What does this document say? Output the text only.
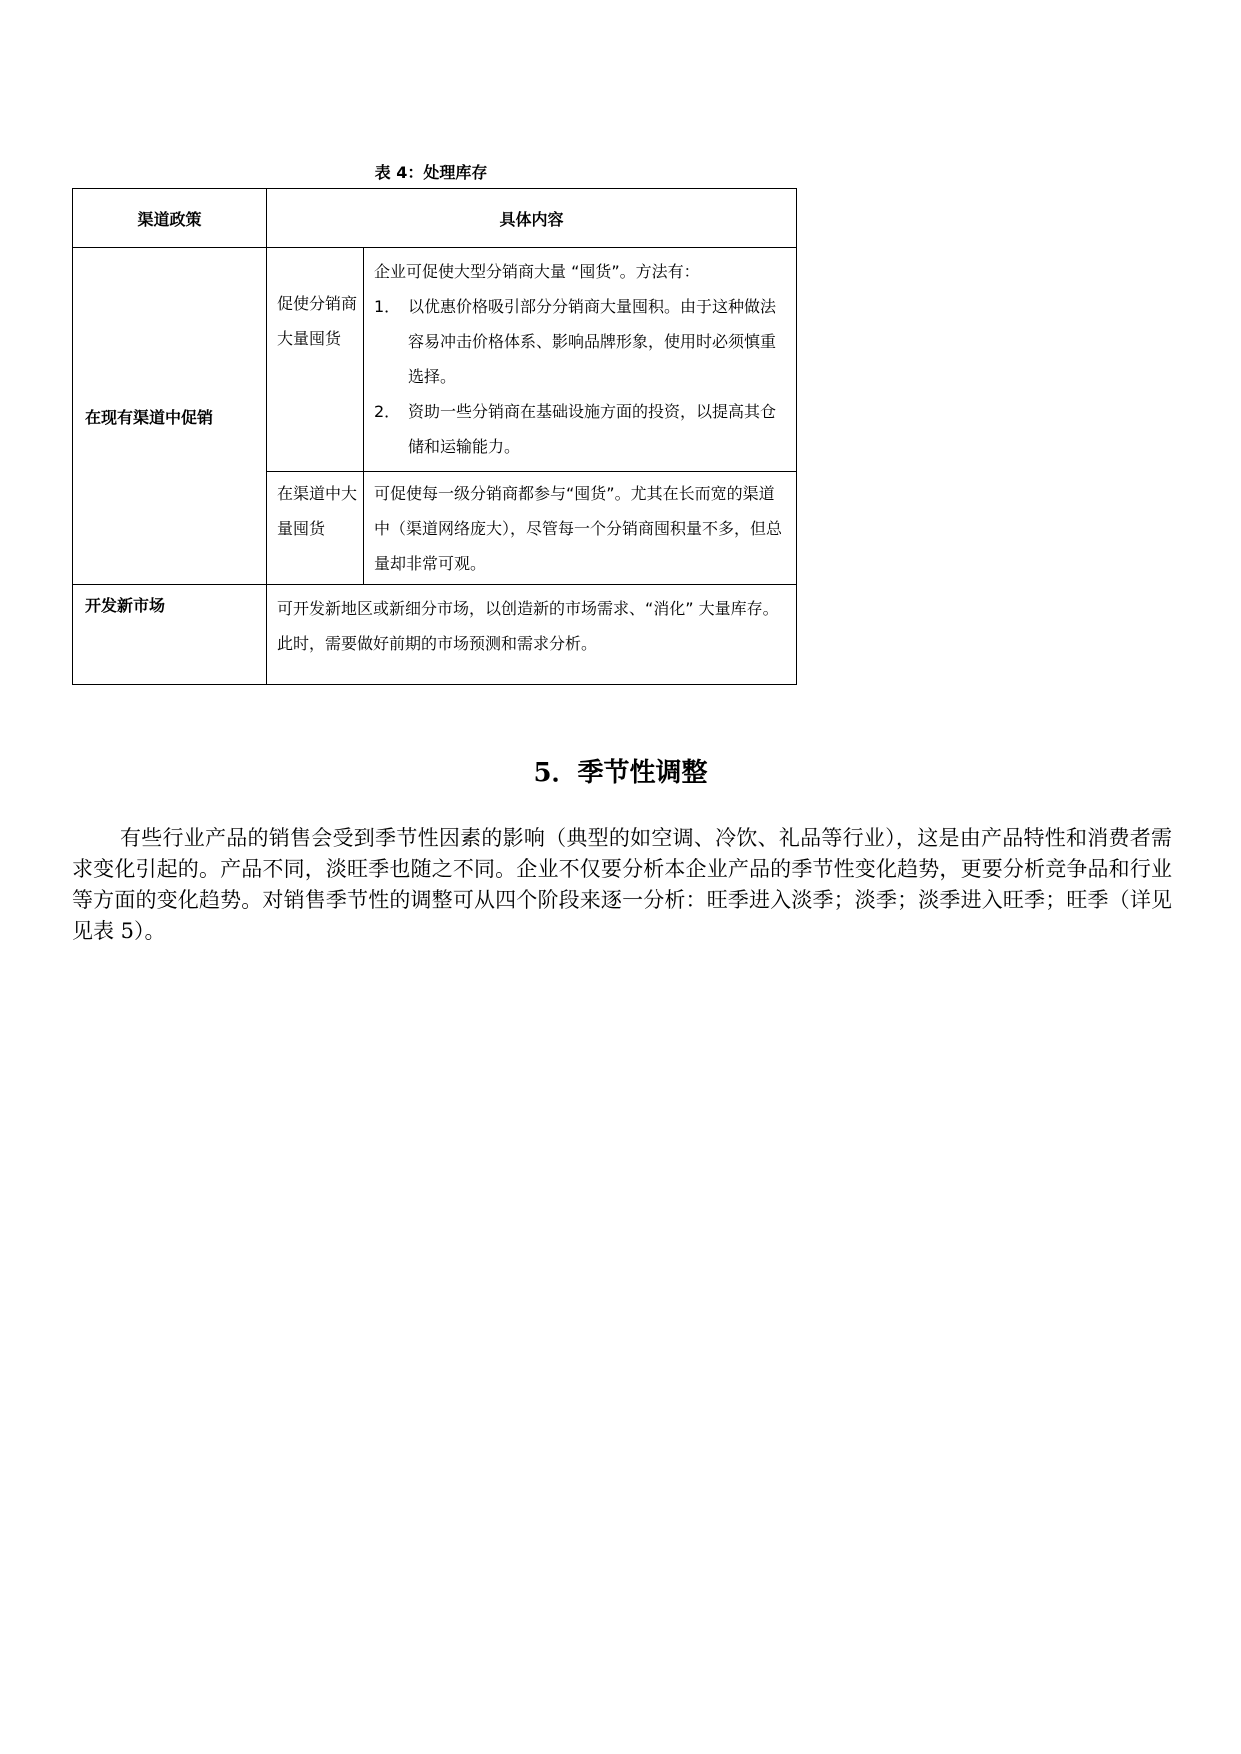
表 4：处理库存
渠道政策	具体内容	
在现有渠道中促销	促使分销商大量囤货	企业可促使大型分销商大量 “囤货”。方法有：
1． 以优惠价格吸引部分分销商大量囤积。由于这种做法容易冲击价格体系、影响品牌形象，使用时必须慎重选择。
2． 资助一些分销商在基础设施方面的投资，以提高其仓储和运输能力。

	在渠道中大量囤货	可促使每一级分销商都参与“囤货”。尤其在长而宽的渠道中（渠道网络庞大），尽管每一个分销商囤积量不多，但总量却非常可观。
开发新市场	可开发新地区或新细分市场，以创造新的市场需求、“消化” 大量库存。此时，需要做好前期的市场预测和需求分析。	
5．季节性调整

有些行业产品的销售会受到季节性因素的影响（典型的如空调、冷饮、礼品等行业），这是由产品特性和消费者需求变化引起的。产品不同，淡旺季也随之不同。企业不仅要分析本企业产品的季节性变化趋势，更要分析竞争品和行业等方面的变化趋势。对销售季节性的调整可从四个阶段来逐一分析：旺季进入淡季；淡季；淡季进入旺季；旺季（详见见表 5）。
